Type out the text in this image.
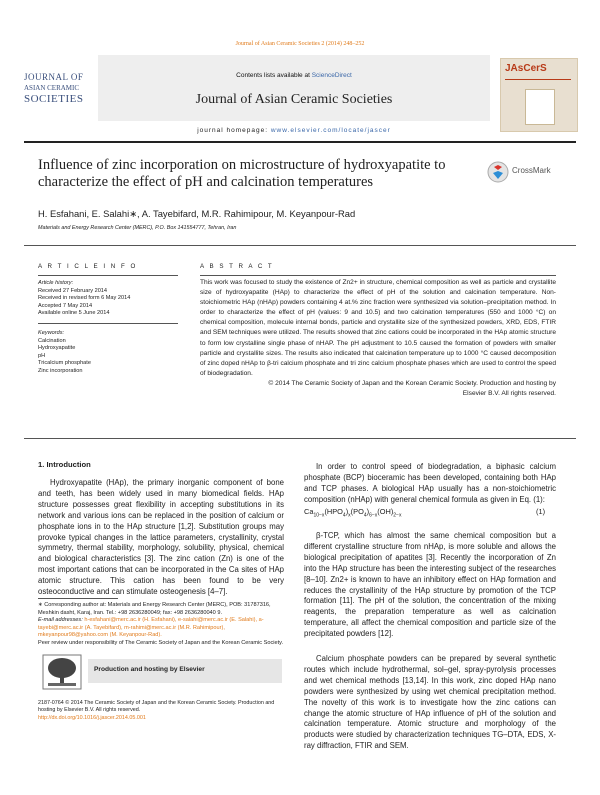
Journal of Asian Ceramic Societies 2 (2014) 248–252
JOURNAL OF
ASIAN CERAMIC
SOCIETIES
Contents lists available at ScienceDirect
Journal of Asian Ceramic Societies
JAsCerS
journal homepage: www.elsevier.com/locate/jascer
Influence of zinc incorporation on microstructure of hydroxyapatite to characterize the effect of pH and calcination temperatures
CrossMark
H. Esfahani, E. Salahi∗, A. Tayebifard, M.R. Rahimipour, M. Keyanpour-Rad
Materials and Energy Research Center (MERC), P.O. Box 141554777, Tehran, Iran
A R T I C L E I N F O
Article history:
Received 27 February 2014
Received in revised form 6 May 2014
Accepted 7 May 2014
Available online 5 June 2014
Keywords:
Calcination
Hydroxyapatite
pH
Tricalcium phosphate
Zinc incorporation
A B S T R A C T
This work was focused to study the existence of Zn2+ in structure, chemical composition as well as particle and crystallite size of hydroxyapatite (HAp) to characterize the effect of pH of the solution and calcination temperature. Non-stoichiometric HAp (nHAp) powders containing 4 at.% zinc fraction were synthesized via solution–precipitation method. In order to characterize the effect of pH (values: 9 and 10.5) and two calcination temperatures (550 and 1000 °C) on chemical composition, molecule internal bonds, particle and crystallite size of the synthesized powders, XRD, EDS, FTIR and SEM techniques were utilized. The results showed that zinc cations could be incorporated in the HAp atomic structure to form low crystalline single phase of nHAP. The pH adjustment to 10.5 caused the formation of powders with smaller particle and crystallite sizes. The results also indicated that calcination temperature up to 1000 °C caused decomposition of zinc doped nHAp to β-tri calcium phosphate and tri zinc calcium phosphate phases which are used to control the speed of biodegradation.
© 2014 The Ceramic Society of Japan and the Korean Ceramic Society. Production and hosting by
Elsevier B.V. All rights reserved.
1. Introduction
Hydroxyapatite (HAp), the primary inorganic component of bone and teeth, has been widely used in many biomedical fields. HAp structure possesses great flexibility in accepting substitutions in its network and various ions can be replaced in the position of calcium or phosphate ions in to the HAp structure [1,2]. Substitution groups may provoke typical changes in the lattice parameters, crystallinity, crystal symmetry, thermal stability, morphology, solubility, physical, chemical and biological characteristics [3]. The zinc cation (Zn) is one of the most important cations that can be incorporated in the Ca sites of HAp atomic structure. This cation has been found to be very osteoconductive and can stimulate osteogenesis [4–7].
∗ Corresponding author at: Materials and Energy Research Center (MERC), POB: 31787316, Meshkin dasht, Karaj, Iran. Tel.: +98 2636280049; fax: +98 2636280040 9.
E-mail addresses: h-esfahani@merc.ac.ir (H. Esfahani), e-salahi@merc.ac.ir (E. Salahi), a-tayebi@merc.ac.ir (A. Tayebifard), m-rahimi@merc.ac.ir (M.R. Rahimipour), mkeyanpour98@yahoo.com (M. Keyanpour-Rad).
Peer review under responsibility of The Ceramic Society of Japan and the Korean Ceramic Society.
Production and hosting by Elsevier
2187-0764 © 2014 The Ceramic Society of Japan and the Korean Ceramic Society. Production and hosting by Elsevier B.V. All rights reserved.
http://dx.doi.org/10.1016/j.jascer.2014.05.001
In order to control speed of biodegradation, a biphasic calcium phosphate (BCP) bioceramic has been developed, containing both HAp and TCP phases. A biological HAp usually has a non-stoichiometric composition (nHAp) with general chemical formula as given in Eq. (1):
$Ca_{10-x}(HPO_4)_x(PO_4)_{6-x}(OH)_{2-x}$	(1)
β-TCP, which has almost the same chemical composition but a different crystalline structure from nHAp, is more soluble and allows the biological precipitation of apatites [3]. Recently the incorporation of Zn into the HAp structure has been the interesting subject of the researches [8–10]. Zn2+ is known to have an inhibitory effect on HAp formation and reduces the crystallinity of the HAp structure by promotion of the TCP formation [11]. The pH of the solution, the concentration of the mixing reagents, the preparation temperature as well as calcination temperature, all affect the chemical composition and particle size of the precipitated powders [12].
Calcium phosphate powders can be prepared by several synthetic routes which include hydrothermal, sol–gel, spray-pyrolysis processes and wet chemical methods [13,14]. In this work, zinc doped HAp nano powders were synthesized by using wet chemical precipitation method. The novelty of this work is to investigate how the zinc cations can change the atomic structure of HAp influence of pH of the solution and calcination temperature. Atomic structure and morphology of the products were studied by characterization techniques TG–DTA, EDS, X-ray diffraction, FTIR and SEM.
